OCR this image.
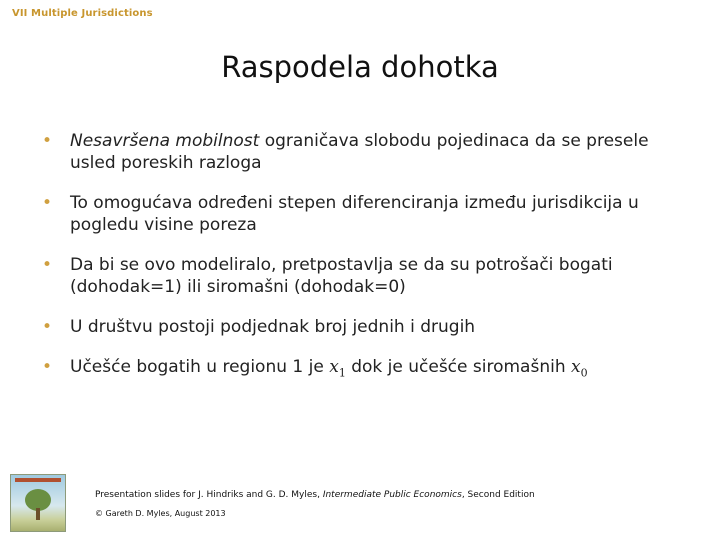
VII Multiple Jurisdictions
Raspodela dohotka
• Nesavršena mobilnost ograničava slobodu pojedinaca da se presele usled poreskih razloga
• To omogućava određeni stepen diferenciranja između jurisdikcija u pogledu visine poreza
• Da bi se ovo modeliralo, pretpostavlja se da su potrošači bogati (dohodak=1) ili siromašni (dohodak=0)
• U društvu postoji podjednak broj jednih i drugih
• Učešće bogatih u regionu 1 je $x_1$ dok je učešće siromašnih $x_0$
Presentation slides for J. Hindriks and G. D. Myles, Intermediate Public Economics, Second Edition
© Gareth D. Myles, August 2013
